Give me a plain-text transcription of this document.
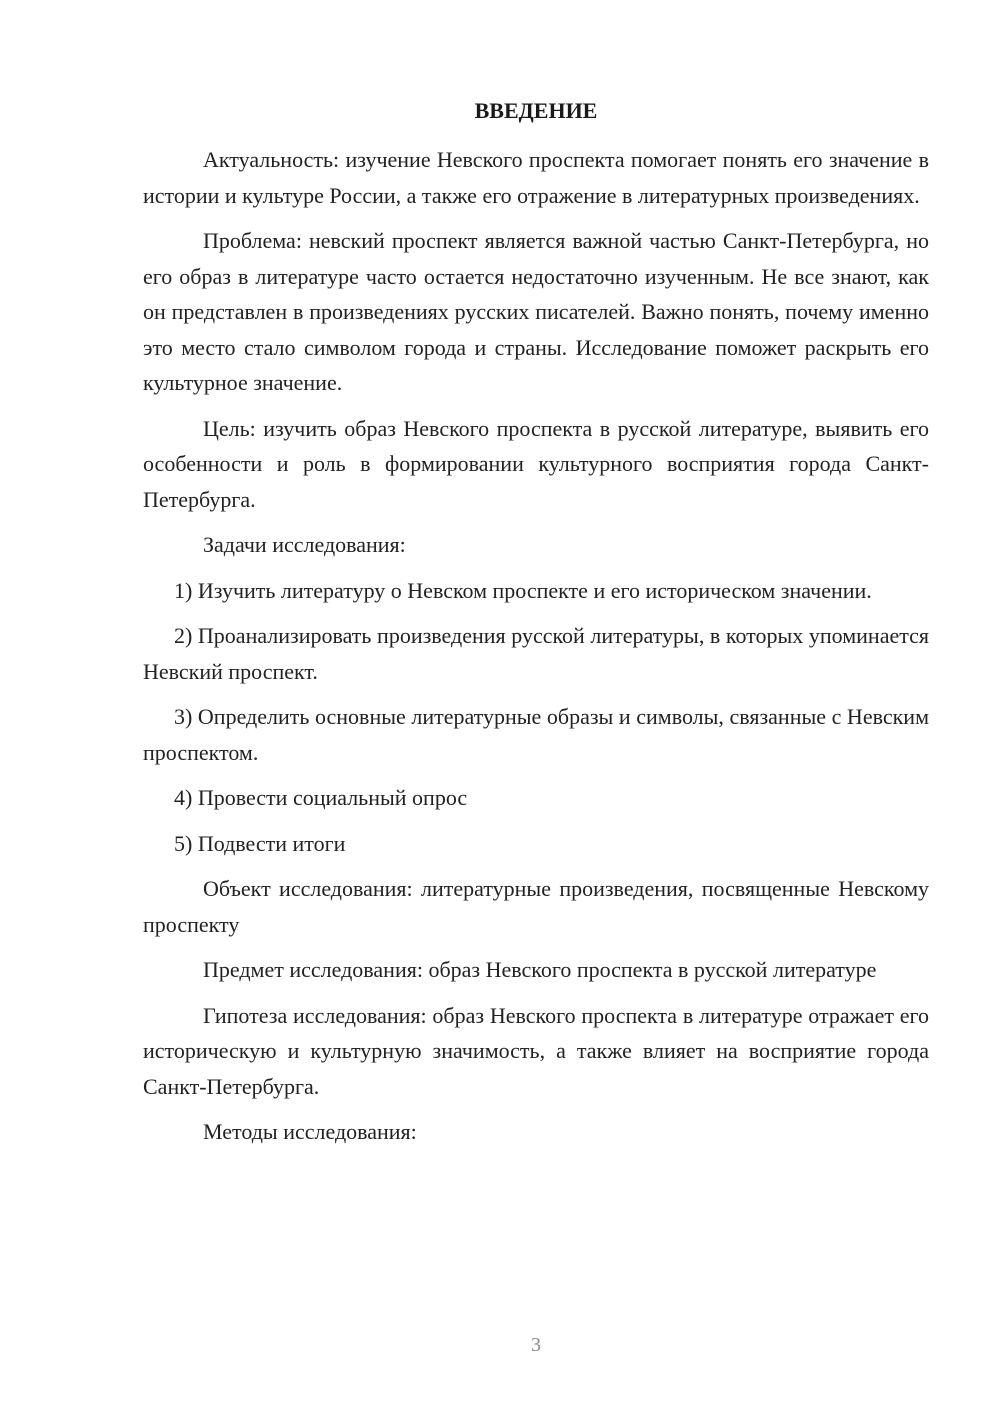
ВВЕДЕНИЕ

Актуальность: изучение Невского проспекта помогает понять его значение в истории и культуре России, а также его отражение в литературных произведениях.

Проблема: невский проспект является важной частью Санкт-Петербурга, но его образ в литературе часто остается недостаточно изученным. Не все знают, как он представлен в произведениях русских писателей. Важно понять, почему именно это место стало символом города и страны. Исследование поможет раскрыть его культурное значение.

Цель: изучить образ Невского проспекта в русской литературе, выявить его особенности и роль в формировании культурного восприятия города Санкт-Петербурга.

Задачи исследования:

1) Изучить литературу о Невском проспекте и его историческом значении.

2) Проанализировать произведения русской литературы, в которых упоминается Невский проспект.

3) Определить основные литературные образы и символы, связанные с Невским проспектом.

4) Провести социальный опрос

5) Подвести итоги

Объект исследования: литературные произведения, посвященные Невскому проспекту

Предмет исследования: образ Невского проспекта в русской литературе

Гипотеза исследования: образ Невского проспекта в литературе отражает его историческую и культурную значимость, а также влияет на восприятие города Санкт-Петербурга.

Методы исследования:

3
